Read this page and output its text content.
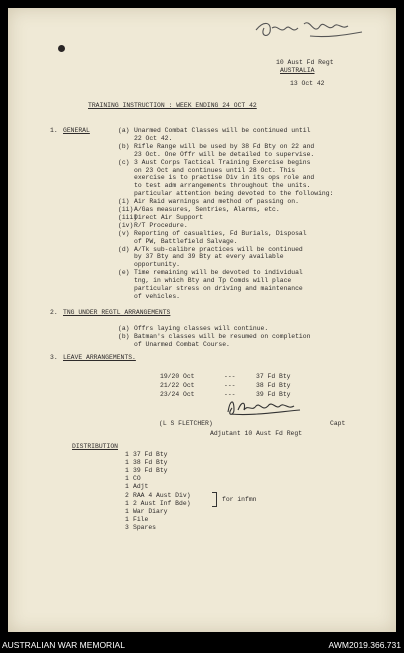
10 Aust Fd Regt
AUSTRALIA
13 Oct 42
TRAINING INSTRUCTION : WEEK ENDING 24 OCT 42
1. GENERAL
2. TNG UNDER REGTL ARRANGEMENTS
3. LEAVE ARRANGEMENTS.
(L S FLETCHER)	Capt
Adjutant 10 Aust Fd Regt
DISTRIBUTION
for infmn
AUSTRALIAN WAR MEMORIAL	AWM2019.366.731
(a) Unarmed Combat Classes will be continued until
22 Oct 42.
(b) Rifle Range will be used by 38 Fd Bty on 22 and
23 Oct. One Offr will be detailed to supervise.
(c) 3 Aust Corps Tactical Training Exercise begins
on 23 Oct and continues until 28 Oct. This
exercise is to practise Div in its ops role and
to test adm arrangements throughout the units.
particular attention being devoted to the following:
(i) Air Raid warnings and method of passing on.
(ii) A/Gas measures, Sentries, Alarms, etc.
(iii)
Direct Air Support
(iv) R/T Procedure.
(v) Reporting of casualties, Fd Burials, Disposal
of PW, Battlefield Salvage.
(d) A/Tk sub-calibre practices will be continued
by 37 Bty and 39 Bty at every available
opportunity.
(e) Time remaining will be devoted to individual
tng, in which Bty and Tp Comds will place
particular stress on driving and maintenance
of vehicles.
(a) Offrs laying classes will continue.
(b) Batman's classes will be resumed on completion
of Unarmed Combat Course.
19/20 Oct	---	37 Fd Bty
21/22 Oct	---	38 Fd Bty
23/24 Oct	---	39 Fd Bty
1 37 Fd Bty
1 38 Fd Bty
1 39 Fd Bty
1 CO
1 Adjt
2 RAA 4 Aust Div)
1 2 Aust Inf Bde)
1 War Diary
1 File
3 Spares
